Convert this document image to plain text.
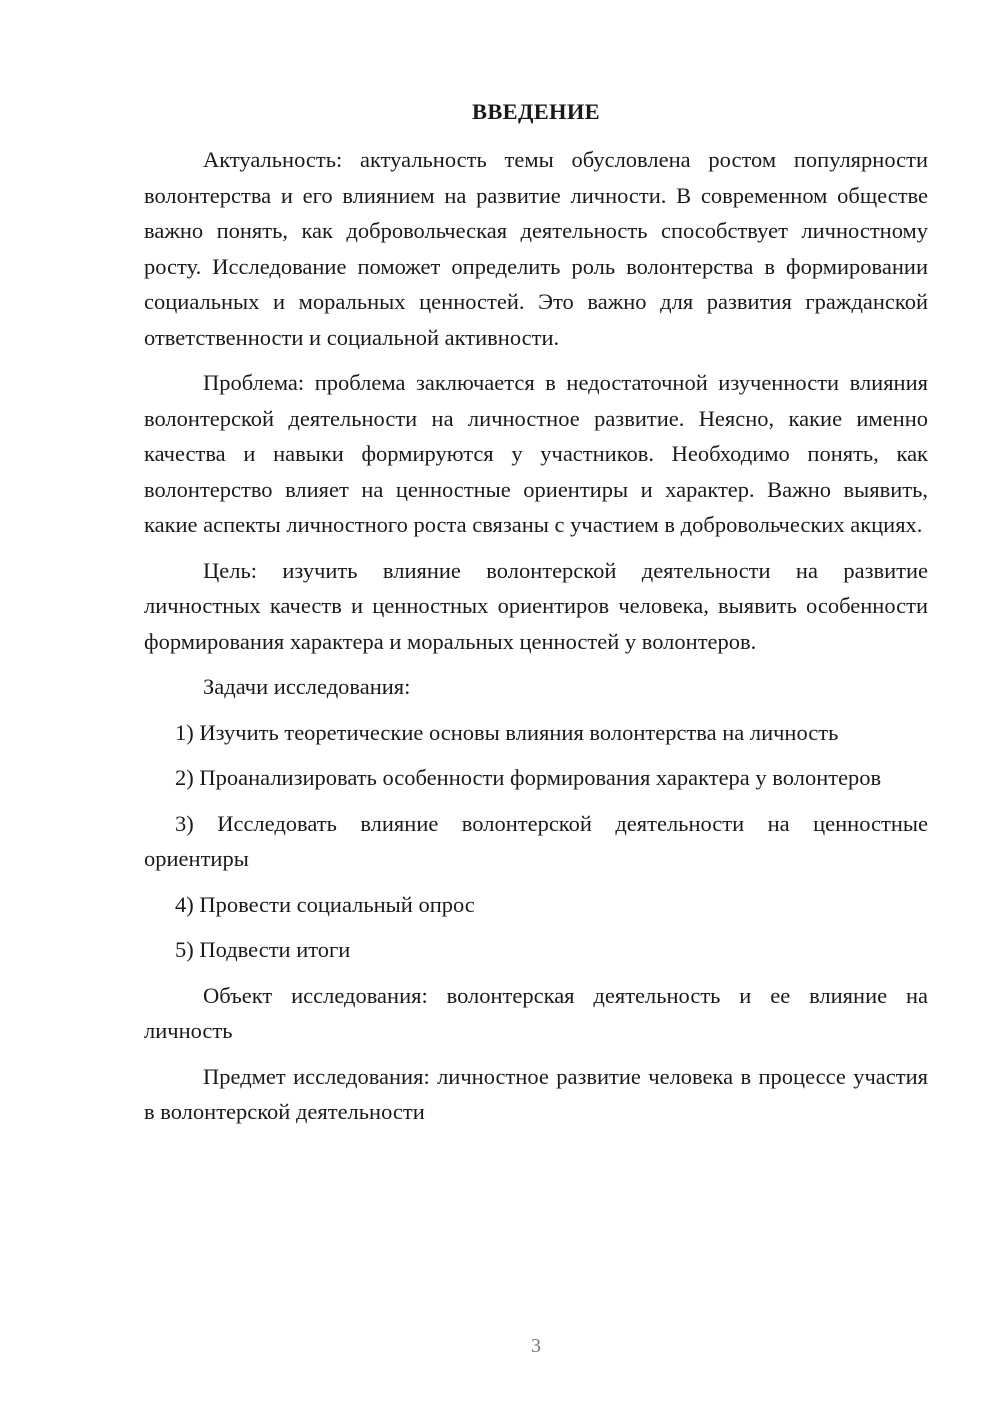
ВВЕДЕНИЕ

Актуальность: актуальность темы обусловлена ростом популярности волонтерства и его влиянием на развитие личности. В современном обществе важно понять, как добровольческая деятельность способствует личностному росту. Исследование поможет определить роль волонтерства в формировании социальных и моральных ценностей. Это важно для развития гражданской ответственности и социальной активности.

Проблема: проблема заключается в недостаточной изученности влияния волонтерской деятельности на личностное развитие. Неясно, какие именно качества и навыки формируются у участников. Необходимо понять, как волонтерство влияет на ценностные ориентиры и характер. Важно выявить, какие аспекты личностного роста связаны с участием в добровольческих акциях.

Цель: изучить влияние волонтерской деятельности на развитие личностных качеств и ценностных ориентиров человека, выявить особенности формирования характера и моральных ценностей у волонтеров.

Задачи исследования:

1) Изучить теоретические основы влияния волонтерства на личность

2) Проанализировать особенности формирования характера у волонтеров

3) Исследовать влияние волонтерской деятельности на ценностные ориентиры

4) Провести социальный опрос

5) Подвести итоги

Объект исследования: волонтерская деятельность и ее влияние на личность

Предмет исследования: личностное развитие человека в процессе участия в волонтерской деятельности

3
